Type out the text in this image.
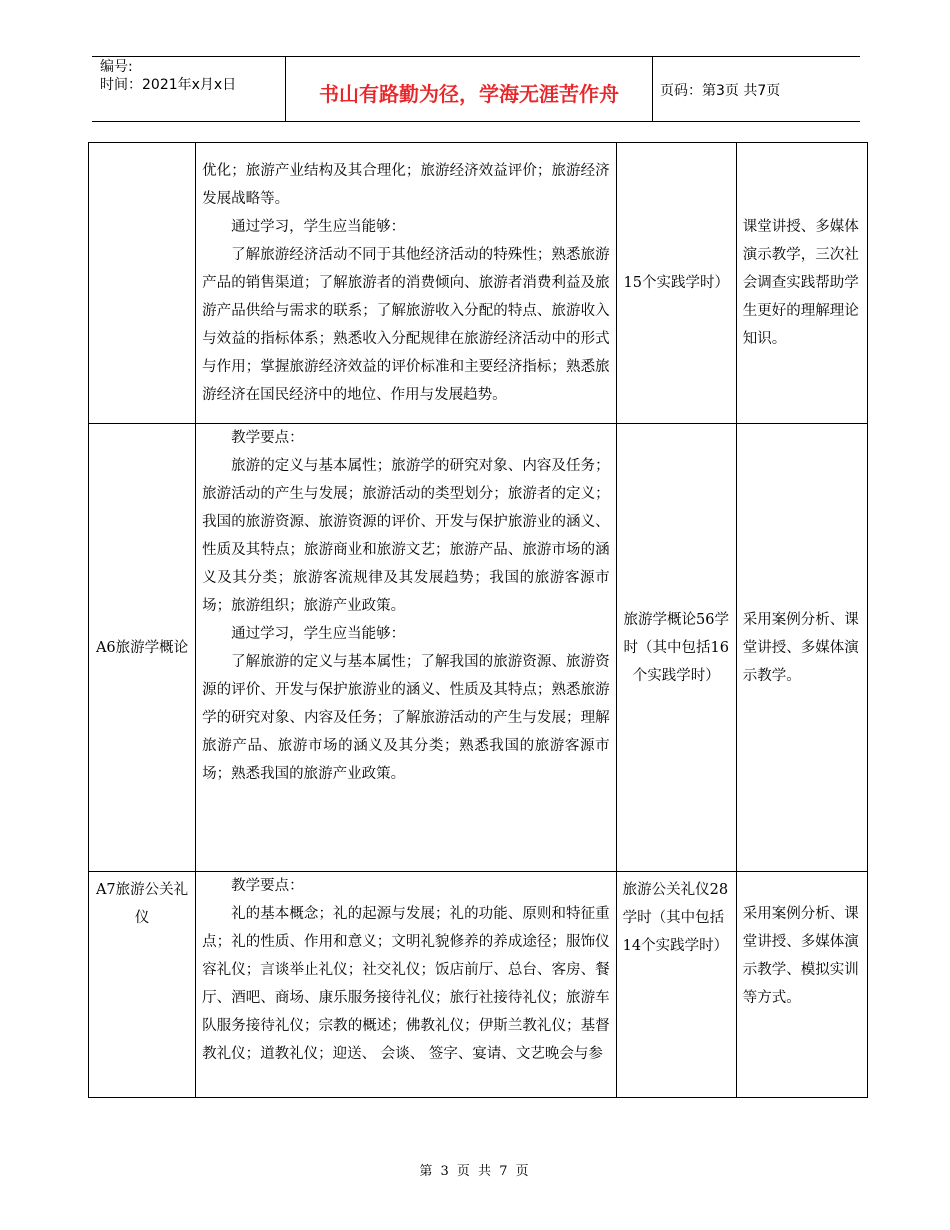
编号:
时间：2021年x月x日	书山有路勤为径，学海无涯苦作舟	页码：第3页 共7页

	优化；旅游产业结构及其合理化；旅游经济效益评价；旅游经济发展战略等。

通过学习，学生应当能够：

了解旅游经济活动不同于其他经济活动的特殊性；熟悉旅游产品的销售渠道；了解旅游者的消费倾向、旅游者消费利益及旅游产品供给与需求的联系；了解旅游收入分配的特点、旅游收入与效益的指标体系；熟悉收入分配规律在旅游经济活动中的形式与作用；掌握旅游经济效益的评价标准和主要经济指标；熟悉旅游经济在国民经济中的地位、作用与发展趋势。	15个实践学时）	课堂讲授、多媒体演示教学，三次社会调查实践帮助学生更好的理解理论知识。
A6旅游学概论	教学要点：

旅游的定义与基本属性；旅游学的研究对象、内容及任务；旅游活动的产生与发展；旅游活动的类型划分；旅游者的定义；我国的旅游资源、旅游资源的评价、开发与保护旅游业的涵义、性质及其特点；旅游商业和旅游文艺；旅游产品、旅游市场的涵义及其分类；旅游客流规律及其发展趋势；我国的旅游客源市场；旅游组织；旅游产业政策。

通过学习，学生应当能够：

了解旅游的定义与基本属性；了解我国的旅游资源、旅游资源的评价、开发与保护旅游业的涵义、性质及其特点；熟悉旅游学的研究对象、内容及任务；了解旅游活动的产生与发展；理解旅游产品、旅游市场的涵义及其分类；熟悉我国的旅游客源市场；熟悉我国的旅游产业政策。	旅游学概论56学时（其中包括16个实践学时）	采用案例分析、课堂讲授、多媒体演示教学。
A7旅游公关礼仪	教学要点：

礼的基本概念；礼的起源与发展；礼的功能、原则和特征重点；礼的性质、作用和意义；文明礼貌修养的养成途径；服饰仪容礼仪；言谈举止礼仪；社交礼仪；饭店前厅、总台、客房、餐厅、酒吧、商场、康乐服务接待礼仪；旅行社接待礼仪；旅游车队服务接待礼仪；宗教的概述；佛教礼仪；伊斯兰教礼仪；基督教礼仪；道教礼仪；迎送、 会谈、 签字、宴请、文艺晚会与参	旅游公关礼仪28学时（其中包括14个实践学时）	采用案例分析、课堂讲授、多媒体演示教学、模拟实训等方式。
第 3 页 共 7 页
